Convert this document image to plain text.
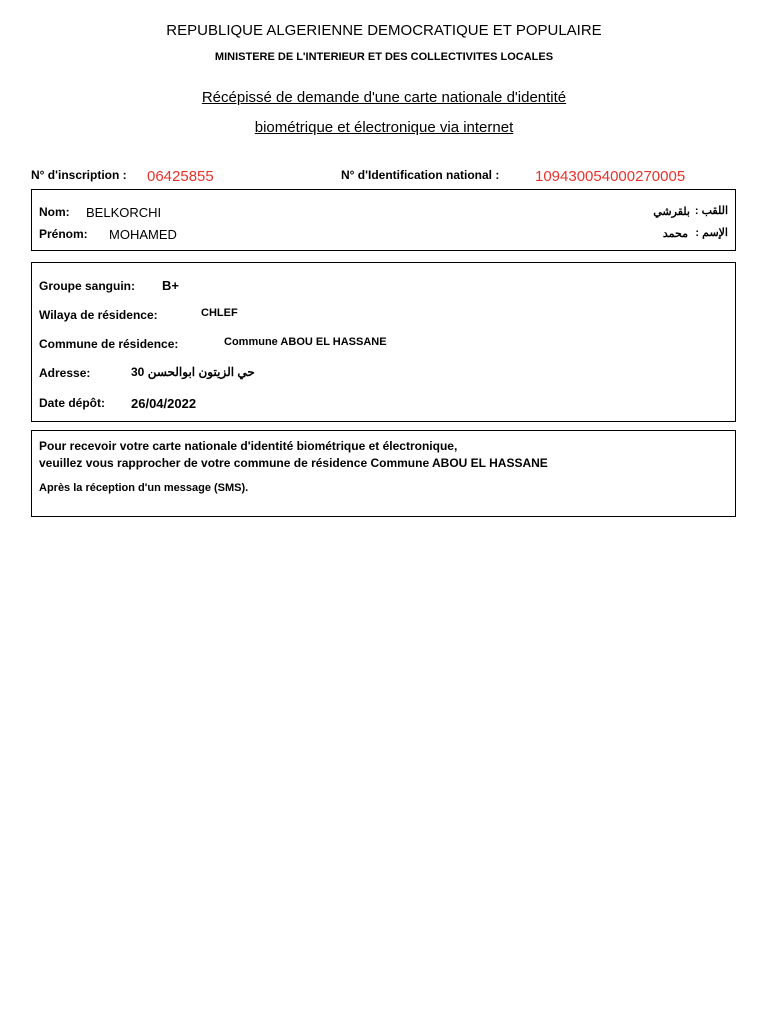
REPUBLIQUE ALGERIENNE DEMOCRATIQUE ET POPULAIRE
MINISTERE DE L'INTERIEUR ET DES COLLECTIVITES LOCALES
Récépissé de demande d'une carte nationale d'identité
biométrique et électronique via internet
N° d'inscription : 06425855	N° d'Identification national : 109430054000270005
Nom: BELKORCHI
Prénom: MOHAMED
اللقب :
بلقرشي
الإسم :
محمد
Groupe sanguin: B+
Wilaya de résidence:	CHLEF
Commune de résidence:	Commune ABOU EL HASSANE
Adresse:	حي الزيتون ابوالحسن 30
Date dépôt: 26/04/2022
Pour recevoir votre carte nationale d'identité biométrique et électronique,
veuillez vous rapprocher de votre commune de résidence Commune ABOU EL HASSANE
Après la réception d'un message (SMS).
